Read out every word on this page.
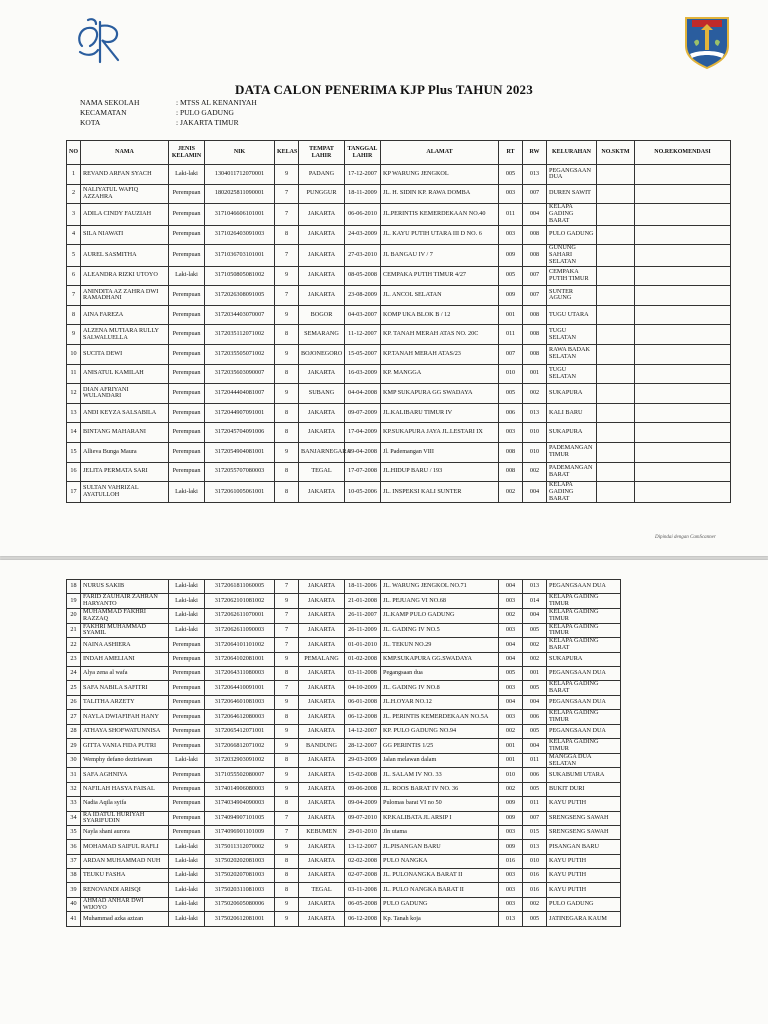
DATA CALON PENERIMA KJP Plus TAHUN 2023
NAMA SEKOLAH	: MTSS AL KENANIYAH
KECAMATAN	: PULO GADUNG
KOTA	: JAKARTA TIMUR
NO	NAMA	JENIS KELAMIN	NIK	KELAS	TEMPAT LAHIR	TANGGAL LAHIR	ALAMAT	RT	RW	KELURAHAN	NO.SKTM	NO.REKOMENDASI
1	REVAND ARFAN SYACH	Laki-laki	1304011712070001	9	PADANG	17-12-2007	KP WARUNG JENGKOL	005	013	PEGANGSAAN DUA		
2	NALIYATUL WAFIQ AZZAHRA	Perempuan	1802025811090001	7	PUNGGUR	18-11-2009	JL. H. SIDIN KP. RAWA DOMBA	003	007	DUREN SAWIT		
3	ADILA CINDY FAUZIAH	Perempuan	3171046606101001	7	JAKARTA	06-06-2010	JL.PERINTIS KEMERDEKAAN NO.40	011	004	KELAPA GADING BARAT		
4	SILA NIAWATI	Perempuan	3171026403091003	8	JAKARTA	24-03-2009	JL. KAYU PUTIH UTARA III D NO. 6	003	008	PULO GADUNG		
5	AUREL SASMITHA	Perempuan	3171036703101001	7	JAKARTA	27-03-2010	JL BANGAU IV / 7	009	008	GUNUNG SAHARI SELATAN		
6	ALEANDRA RIZKI UTOYO	Laki-laki	3171050805081002	9	JAKARTA	08-05-2008	CEMPAKA PUTIH TIMUR 4/27	005	007	CEMPAKA PUTIH TIMUR		
7	ANINDITA AZ ZAHRA DWI RAMADHANI	Perempuan	3172026308091005	7	JAKARTA	23-08-2009	JL. ANCOL SELATAN	009	007	SUNTER AGUNG		
8	AINA FAREZA	Perempuan	3172034403070007	9	BOGOR	04-03-2007	KOMP UKA BLOK B / 12	001	008	TUGU UTARA		
9	ALZENA MUTIARA RULLY SALWALUELLA	Perempuan	3172035112071002	8	SEMARANG	11-12-2007	KP. TANAH MERAH ATAS NO. 20C	011	008	TUGU SELATAN		
10	SUCITA DEWI	Perempuan	3172035505071002	9	BOJONEGORO	15-05-2007	KP.TANAH MERAH ATAS/23	007	008	RAWA BADAK SELATAN		
11	ANISATUL KAMILAH	Perempuan	3172035603090007	8	JAKARTA	16-03-2009	KP. MANGGA	010	001	TUGU SELATAN		
12	DIAN AFRIYANI WULANDARI	Perempuan	3172044404081007	9	SUBANG	04-04-2008	KMP SUKAPURA GG SWADAYA	005	002	SUKAPURA		
13	ANDI KEYZA SALSABILA	Perempuan	3172044907091001	8	JAKARTA	09-07-2009	JL.KALIBARU TIMUR IV	006	013	KALI BARU		
14	BINTANG MAHARANI	Perempuan	3172045704091006	8	JAKARTA	17-04-2009	KP.SUKAPURA JAYA JL.LESTARI IX	003	010	SUKAPURA		
15	Allieva Bunga Maura	Perempuan	3172054904081001	9	BANJARNEGARA	09-04-2008	Jl. Pademangan VIII	008	010	PADEMANGAN TIMUR		
16	JELITA PERMATA SARI	Perempuan	3172055707080003	8	TEGAL	17-07-2008	JL.HIDUP BARU / 193	008	002	PADEMANGAN BARAT		
17	SULTAN VAHRIZAL AYATULLOH	Laki-laki	3172061005061001	8	JAKARTA	10-05-2006	JL. INSPEKSI KALI SUNTER	002	004	KELAPA GADING BARAT		
Dipindai dengan CamScanner
18	NURUS SAKIB	Laki-laki	3172061811060005	7	JAKARTA	18-11-2006	JL. WARUNG JENGKOL NO.71	004	013	PEGANGSAAN DUA
19	FARID ZAUHAIR ZAHRAN HARYANTO	Laki-laki	3172062101081002	9	JAKARTA	21-01-2008	JL. PEJUANG VI NO.68	003	014	KELAPA GADING TIMUR
20	MUHAMMAD FAKHRI RAZZAQ	Laki-laki	3172062611070001	7	JAKARTA	26-11-2007	JL.KAMP PULO GADUNG	002	004	KELAPA GADING TIMUR
21	FAKHRI MUHAMMAD SYAMIL	Laki-laki	3172062611090003	7	JAKARTA	26-11-2009	JL. GADING IV NO.5	003	005	KELAPA GADING TIMUR
22	NAINA ASHIERA	Perempuan	3172064101101002	7	JAKARTA	01-01-2010	JL. TEKUN NO.29	004	002	KELAPA GADING BARAT
23	INDAH AMELIANI	Perempuan	3172064102081001	9	PEMALANG	01-02-2008	KMP.SUKAPURA GG.SWADAYA	004	002	SUKAPURA
24	Alya zena al wafa	Perempuan	3172064311080003	8	JAKARTA	03-11-2008	Pegangsaan dua	005	001	PEGANGSAAN DUA
25	SAFA NABILA SAFITRI	Perempuan	3172064410091001	7	JAKARTA	04-10-2009	JL. GADING IV NO.8	003	005	KELAPA GADING BARAT
26	TALITHA ARZETY	Perempuan	3172064601081003	9	JAKARTA	06-01-2008	JL.H.OYAR NO.12	004	004	PEGANGSAAN DUA
27	NAYLA DWIAFIFAH HANY	Perempuan	3172064612080003	8	JAKARTA	06-12-2008	JL. PERINTIS KEMERDEKAAN NO.5A	003	006	KELAPA GADING TIMUR
28	ATHAYA SHOFWATUNNISA	Perempuan	3172065412071001	9	JAKARTA	14-12-2007	KP. PULO GADUNG NO.94	002	005	PEGANGSAAN DUA
29	GITTA VANIA FIDA PUTRI	Perempuan	3172066812071002	9	BANDUNG	28-12-2007	GG PERINTIS 1/25	001	004	KELAPA GADING TIMUR
30	Wemphy defano deztriawan	Laki-laki	3172032903091002	8	JAKARTA	29-03-2009	Jalan melawan dalam	001	011	MANGGA DUA SELATAN
31	SAFA AGHNIYA	Perempuan	3171055502080007	9	JAKARTA	15-02-2008	JL. SALAM IV NO. 33	010	006	SUKABUMI UTARA
32	NAFILAH HASYA FAISAL	Perempuan	3174014906080003	9	JAKARTA	09-06-2008	JL. ROOS BARAT IV NO. 36	002	005	BUKIT DURI
33	Nadia Aqila syifa	Perempuan	3174034904090003	8	JAKARTA	09-04-2009	Pulomas barat VI no 50	009	011	KAYU PUTIH
34	RA IDATUL HURIYAH SYARIFUDIN	Perempuan	3174094907101005	7	JAKARTA	09-07-2010	KP.KALIBATA JL ARSIP I	009	007	SRENGSENG SAWAH
35	Nayla shani aurora	Perempuan	3174096901101009	7	KEBUMEN	29-01-2010	Jln utama	003	015	SRENGSENG SAWAH
36	MOHAMAD SAIFUL RAFLI	Laki-laki	3175011312070002	9	JAKARTA	13-12-2007	JL.PISANGAN BARU	009	013	PISANGAN BARU
37	ARDAN MUHAMMAD NUH	Laki-laki	3175020202081003	8	JAKARTA	02-02-2008	PULO NANGKA	016	010	KAYU PUTIH
38	TEUKU FASHA	Laki-laki	3175020207081003	8	JAKARTA	02-07-2008	JL. PULONANGKA BARAT II	003	016	KAYU PUTIH
39	RENOVANDI ARISQI	Laki-laki	3175020311081003	8	TEGAL	03-11-2008	JL. PULO NANGKA BARAT II	003	016	KAYU PUTIH
40	AHMAD ANHAR DWI WIJOYO	Laki-laki	3175020605080006	9	JAKARTA	06-05-2008	PULO GADUNG	003	002	PULO GADUNG
41	Muhammad azka azizan	Laki-laki	3175020612081001	9	JAKARTA	06-12-2008	Kp. Tanah koja	013	005	JATINEGARA KAUM
